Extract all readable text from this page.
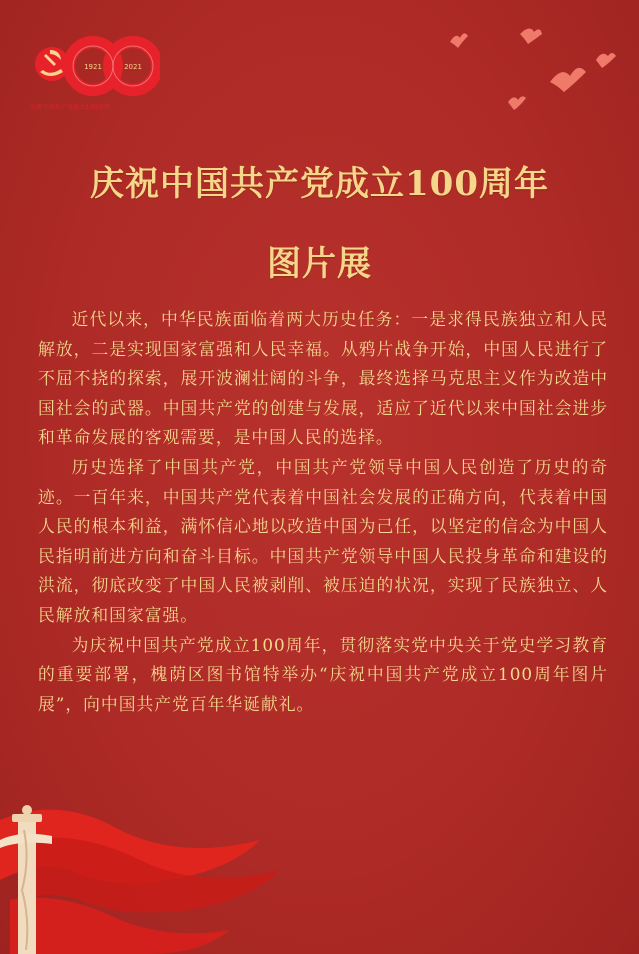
1921	2021
庆祝中国共产党成立100周年
庆祝中国共产党成立100周年
图片展

近代以来，中华民族面临着两大历史任务：一是求得民族独立和人民解放，二是实现国家富强和人民幸福。从鸦片战争开始，中国人民进行了不屈不挠的探索，展开波澜壮阔的斗争，最终选择马克思主义作为改造中国社会的武器。中国共产党的创建与发展，适应了近代以来中国社会进步和革命发展的客观需要，是中国人民的选择。

历史选择了中国共产党，中国共产党领导中国人民创造了历史的奇迹。一百年来，中国共产党代表着中国社会发展的正确方向，代表着中国人民的根本利益，满怀信心地以改造中国为己任，以坚定的信念为中国人民指明前进方向和奋斗目标。中国共产党领导中国人民投身革命和建设的洪流，彻底改变了中国人民被剥削、被压迫的状况，实现了民族独立、人民解放和国家富强。

为庆祝中国共产党成立100周年，贯彻落实党中央关于党史学习教育的重要部署，槐荫区图书馆特举办“庆祝中国共产党成立100周年图片展”，向中国共产党百年华诞献礼。
